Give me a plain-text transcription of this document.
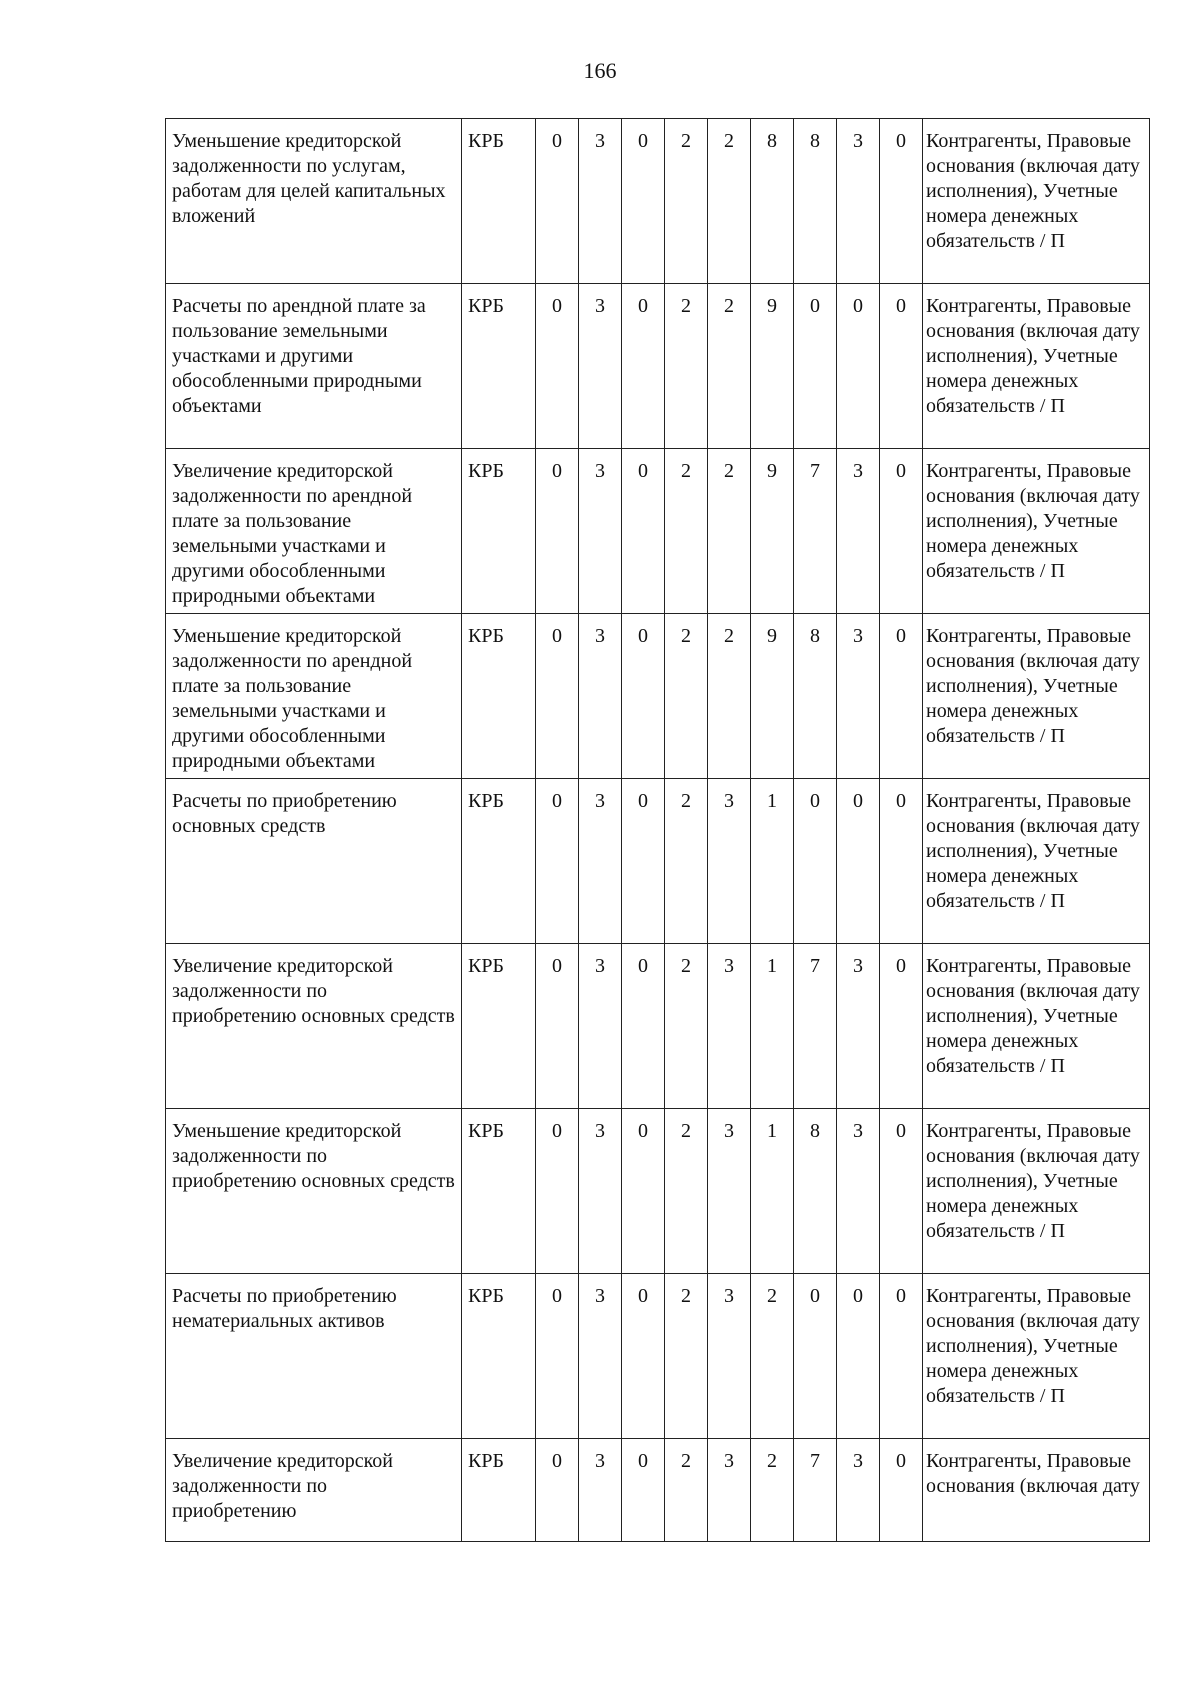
166
Уменьшение кредиторской задолженности по услугам, работам для целей капитальных вложений	КРБ	0	3	0	2	2	8	8	3	0	Контрагенты, Правовые основания (включая дату исполнения), Учетные номера денежных обязательств / П
Расчеты по арендной плате за пользование земельными участками и другими обособленными природными объектами	КРБ	0	3	0	2	2	9	0	0	0	Контрагенты, Правовые основания (включая дату исполнения), Учетные номера денежных обязательств / П
Увеличение кредиторской задолженности по арендной плате за пользование земельными участками и другими обособленными природными объектами	КРБ	0	3	0	2	2	9	7	3	0	Контрагенты, Правовые основания (включая дату исполнения), Учетные номера денежных обязательств / П
Уменьшение кредиторской задолженности по арендной плате за пользование земельными участками и другими обособленными природными объектами	КРБ	0	3	0	2	2	9	8	3	0	Контрагенты, Правовые основания (включая дату исполнения), Учетные номера денежных обязательств / П
Расчеты по приобретению основных средств	КРБ	0	3	0	2	3	1	0	0	0	Контрагенты, Правовые основания (включая дату исполнения), Учетные номера денежных обязательств / П
Увеличение кредиторской задолженности по приобретению основных средств	КРБ	0	3	0	2	3	1	7	3	0	Контрагенты, Правовые основания (включая дату исполнения), Учетные номера денежных обязательств / П
Уменьшение кредиторской задолженности по приобретению основных средств	КРБ	0	3	0	2	3	1	8	3	0	Контрагенты, Правовые основания (включая дату исполнения), Учетные номера денежных обязательств / П
Расчеты по приобретению нематериальных активов	КРБ	0	3	0	2	3	2	0	0	0	Контрагенты, Правовые основания (включая дату исполнения), Учетные номера денежных обязательств / П
Увеличение кредиторской задолженности по приобретению	КРБ	0	3	0	2	3	2	7	3	0	Контрагенты, Правовые основания (включая дату
